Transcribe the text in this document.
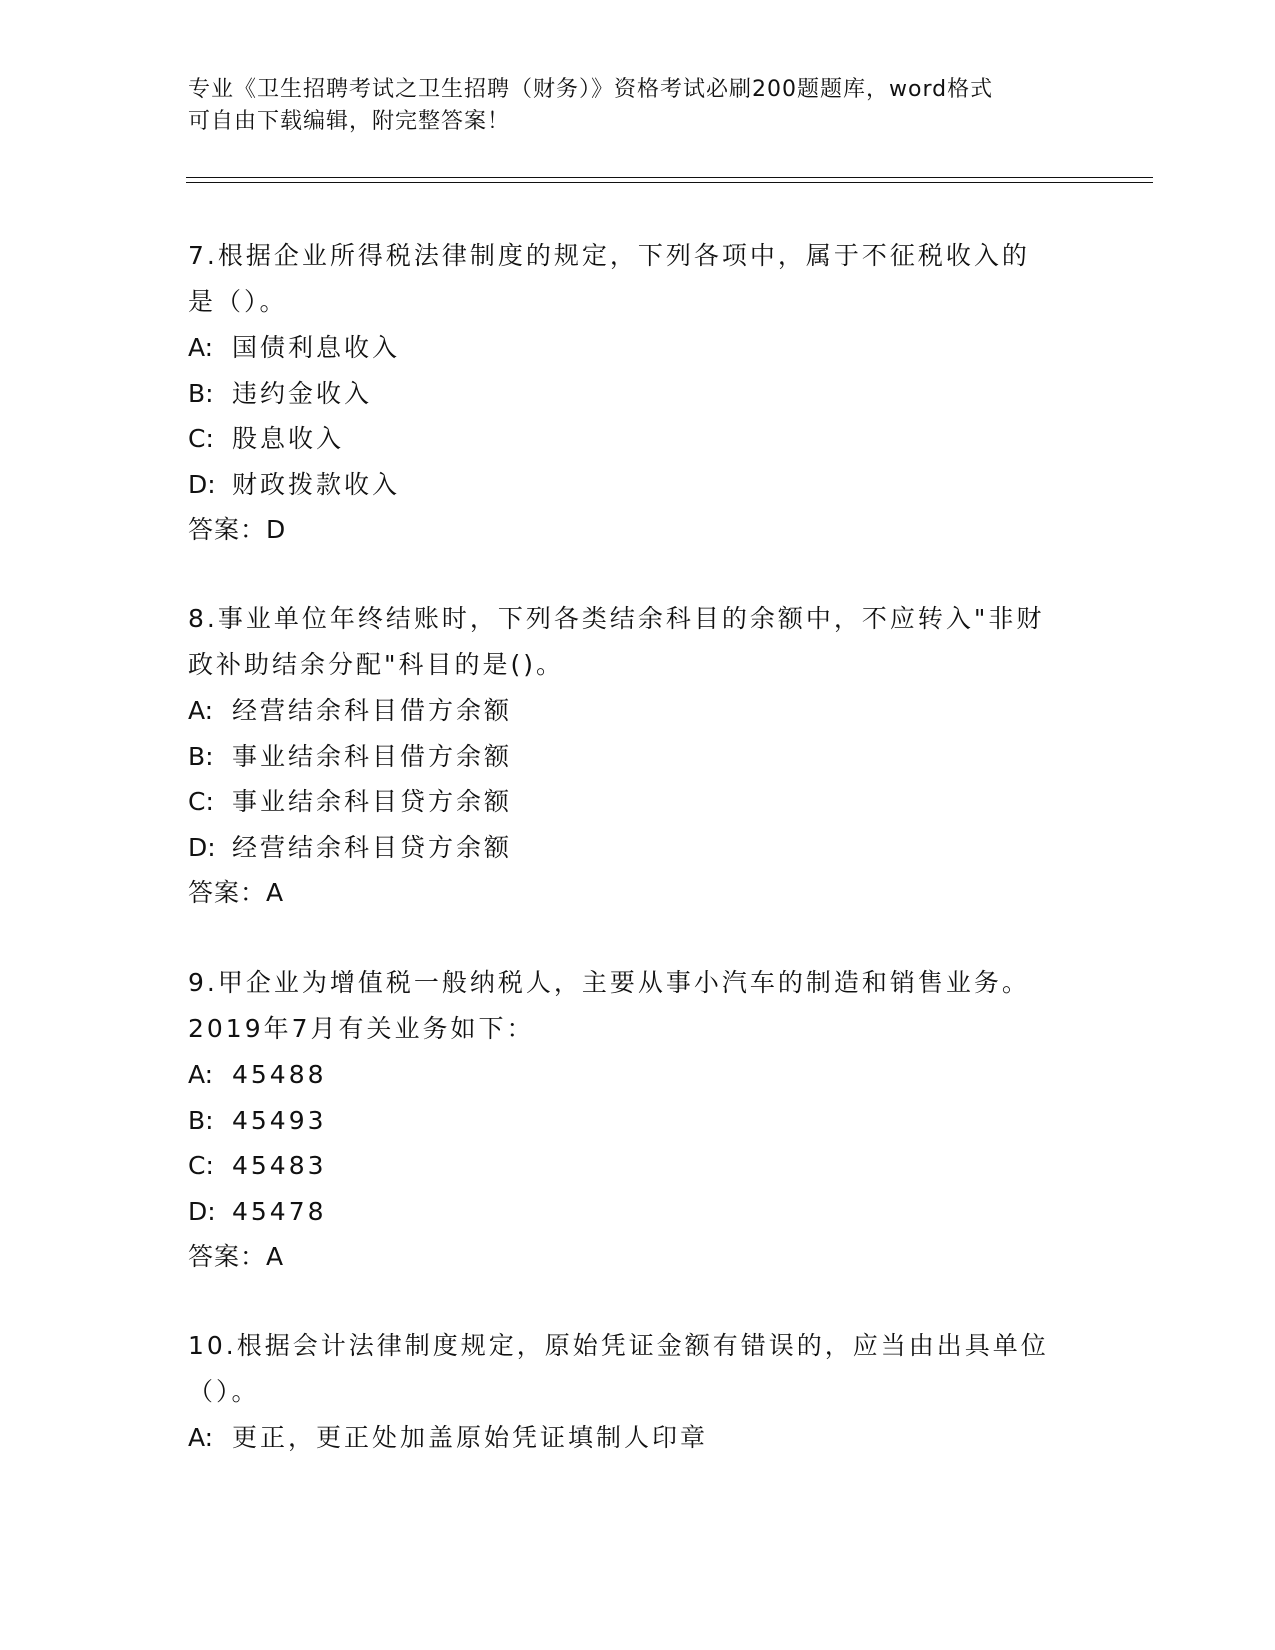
专业《卫生招聘考试之卫生招聘（财务）》资格考试必刷200题题库，word格式
可自由下载编辑，附完整答案！
7.根据企业所得税法律制度的规定，下列各项中，属于不征税收入的
是（）。
A: 国债利息收入
B: 违约金收入
C: 股息收入
D: 财政拨款收入
答案：D
8.事业单位年终结账时，下列各类结余科目的余额中，不应转入"非财
政补助结余分配"科目的是()。
A: 经营结余科目借方余额
B: 事业结余科目借方余额
C: 事业结余科目贷方余额
D: 经营结余科目贷方余额
答案：A
9.甲企业为增值税一般纳税人，主要从事小汽车的制造和销售业务。
2019年7月有关业务如下：
A: 45488
B: 45493
C: 45483
D: 45478
答案：A
10.根据会计法律制度规定，原始凭证金额有错误的，应当由出具单位
（）。
A: 更正，更正处加盖原始凭证填制人印章
